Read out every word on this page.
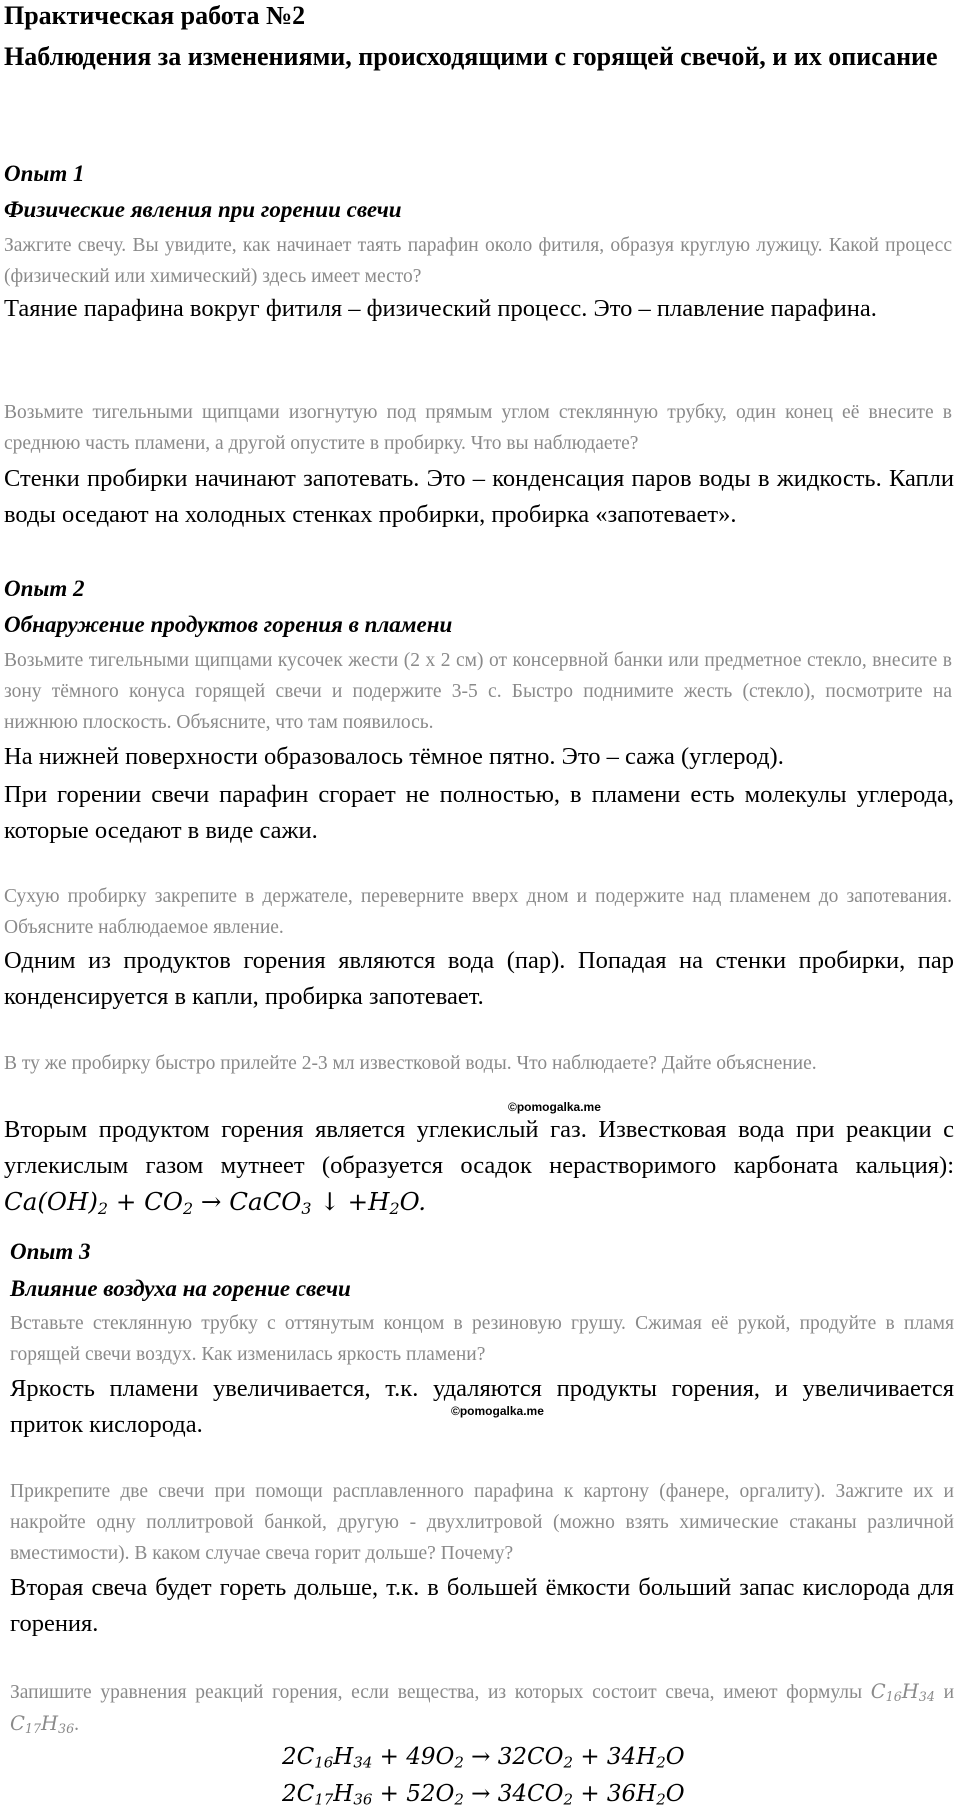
Практическая работа №2
Наблюдения за изменениями, происходящими с горящей свечой, и их описание
Опыт 1
Физические явления при горении свечи
Зажгите свечу. Вы увидите, как начинает таять парафин около фитиля, образуя круглую лужицу. Какой процесс (физический или химический) здесь имеет место?
Таяние парафина вокруг фитиля – физический процесс. Это – плавление парафина.
Возьмите тигельными щипцами изогнутую под прямым углом стеклянную трубку, один конец её внесите в среднюю часть пламени, а другой опустите в пробирку. Что вы наблюдаете?
Стенки пробирки начинают запотевать. Это – конденсация паров воды в жидкость. Капли воды оседают на холодных стенках пробирки, пробирка «запотевает».
Опыт 2
Обнаружение продуктов горения в пламени
Возьмите тигельными щипцами кусочек жести (2 х 2 см) от консервной банки или предметное стекло, внесите в зону тёмного конуса горящей свечи и подержите 3-5 с. Быстро поднимите жесть (стекло), посмотрите на нижнюю плоскость. Объясните, что там появилось.
На нижней поверхности образовалось тёмное пятно. Это – сажа (углерод).
При горении свечи парафин сгорает не полностью, в пламени есть молекулы углерода, которые оседают в виде сажи.
Сухую пробирку закрепите в держателе, переверните вверх дном и подержите над пламенем до запотевания. Объясните наблюдаемое явление.
Одним из продуктов горения являются вода (пар). Попадая на стенки пробирки, пар конденсируется в капли, пробирка запотевает.
В ту же пробирку быстро прилейте 2-3 мл известковой воды. Что наблюдаете? Дайте объяснение.
©pomogalka.me
Вторым продуктом горения является углекислый газ. Известковая вода при реакции с углекислым газом мутнеет (образуется осадок нерастворимого карбоната кальция): $Ca(OH)_2 + CO_2$ → CaCO$_3$ ↓ $+H_2O$.
Опыт 3
Влияние воздуха на горение свечи
Вставьте стеклянную трубку с оттянутым концом в резиновую грушу. Сжимая её рукой, продуйте в пламя горящей свечи воздух. Как изменилась яркость пламени?
Яркость пламени увеличивается, т.к. удаляются продукты горения, и увеличивается приток кислорода.	©pomogalka.me
Прикрепите две свечи при помощи расплавленного парафина к картону (фанере, оргалиту). Зажгите их и накройте одну поллитровой банкой, другую - двухлитровой (можно взять химические стаканы различной вместимости). В каком случае свеча горит дольше? Почему?
Вторая свеча будет гореть дольше, т.к. в большей ёмкости больший запас кислорода для горения.
Запишите уравнения реакций горения, если вещества, из которых состоит свеча, имеют формулы $C_{16}H_{34}$ и $C_{17}H_{36}$.
$2C_{16}H_{34} + 49O_2 \to 32CO_2 + 34H_2O$
$2C_{17}H_{36} + 52O_2 \to 34CO_2 + 36H_2O$
